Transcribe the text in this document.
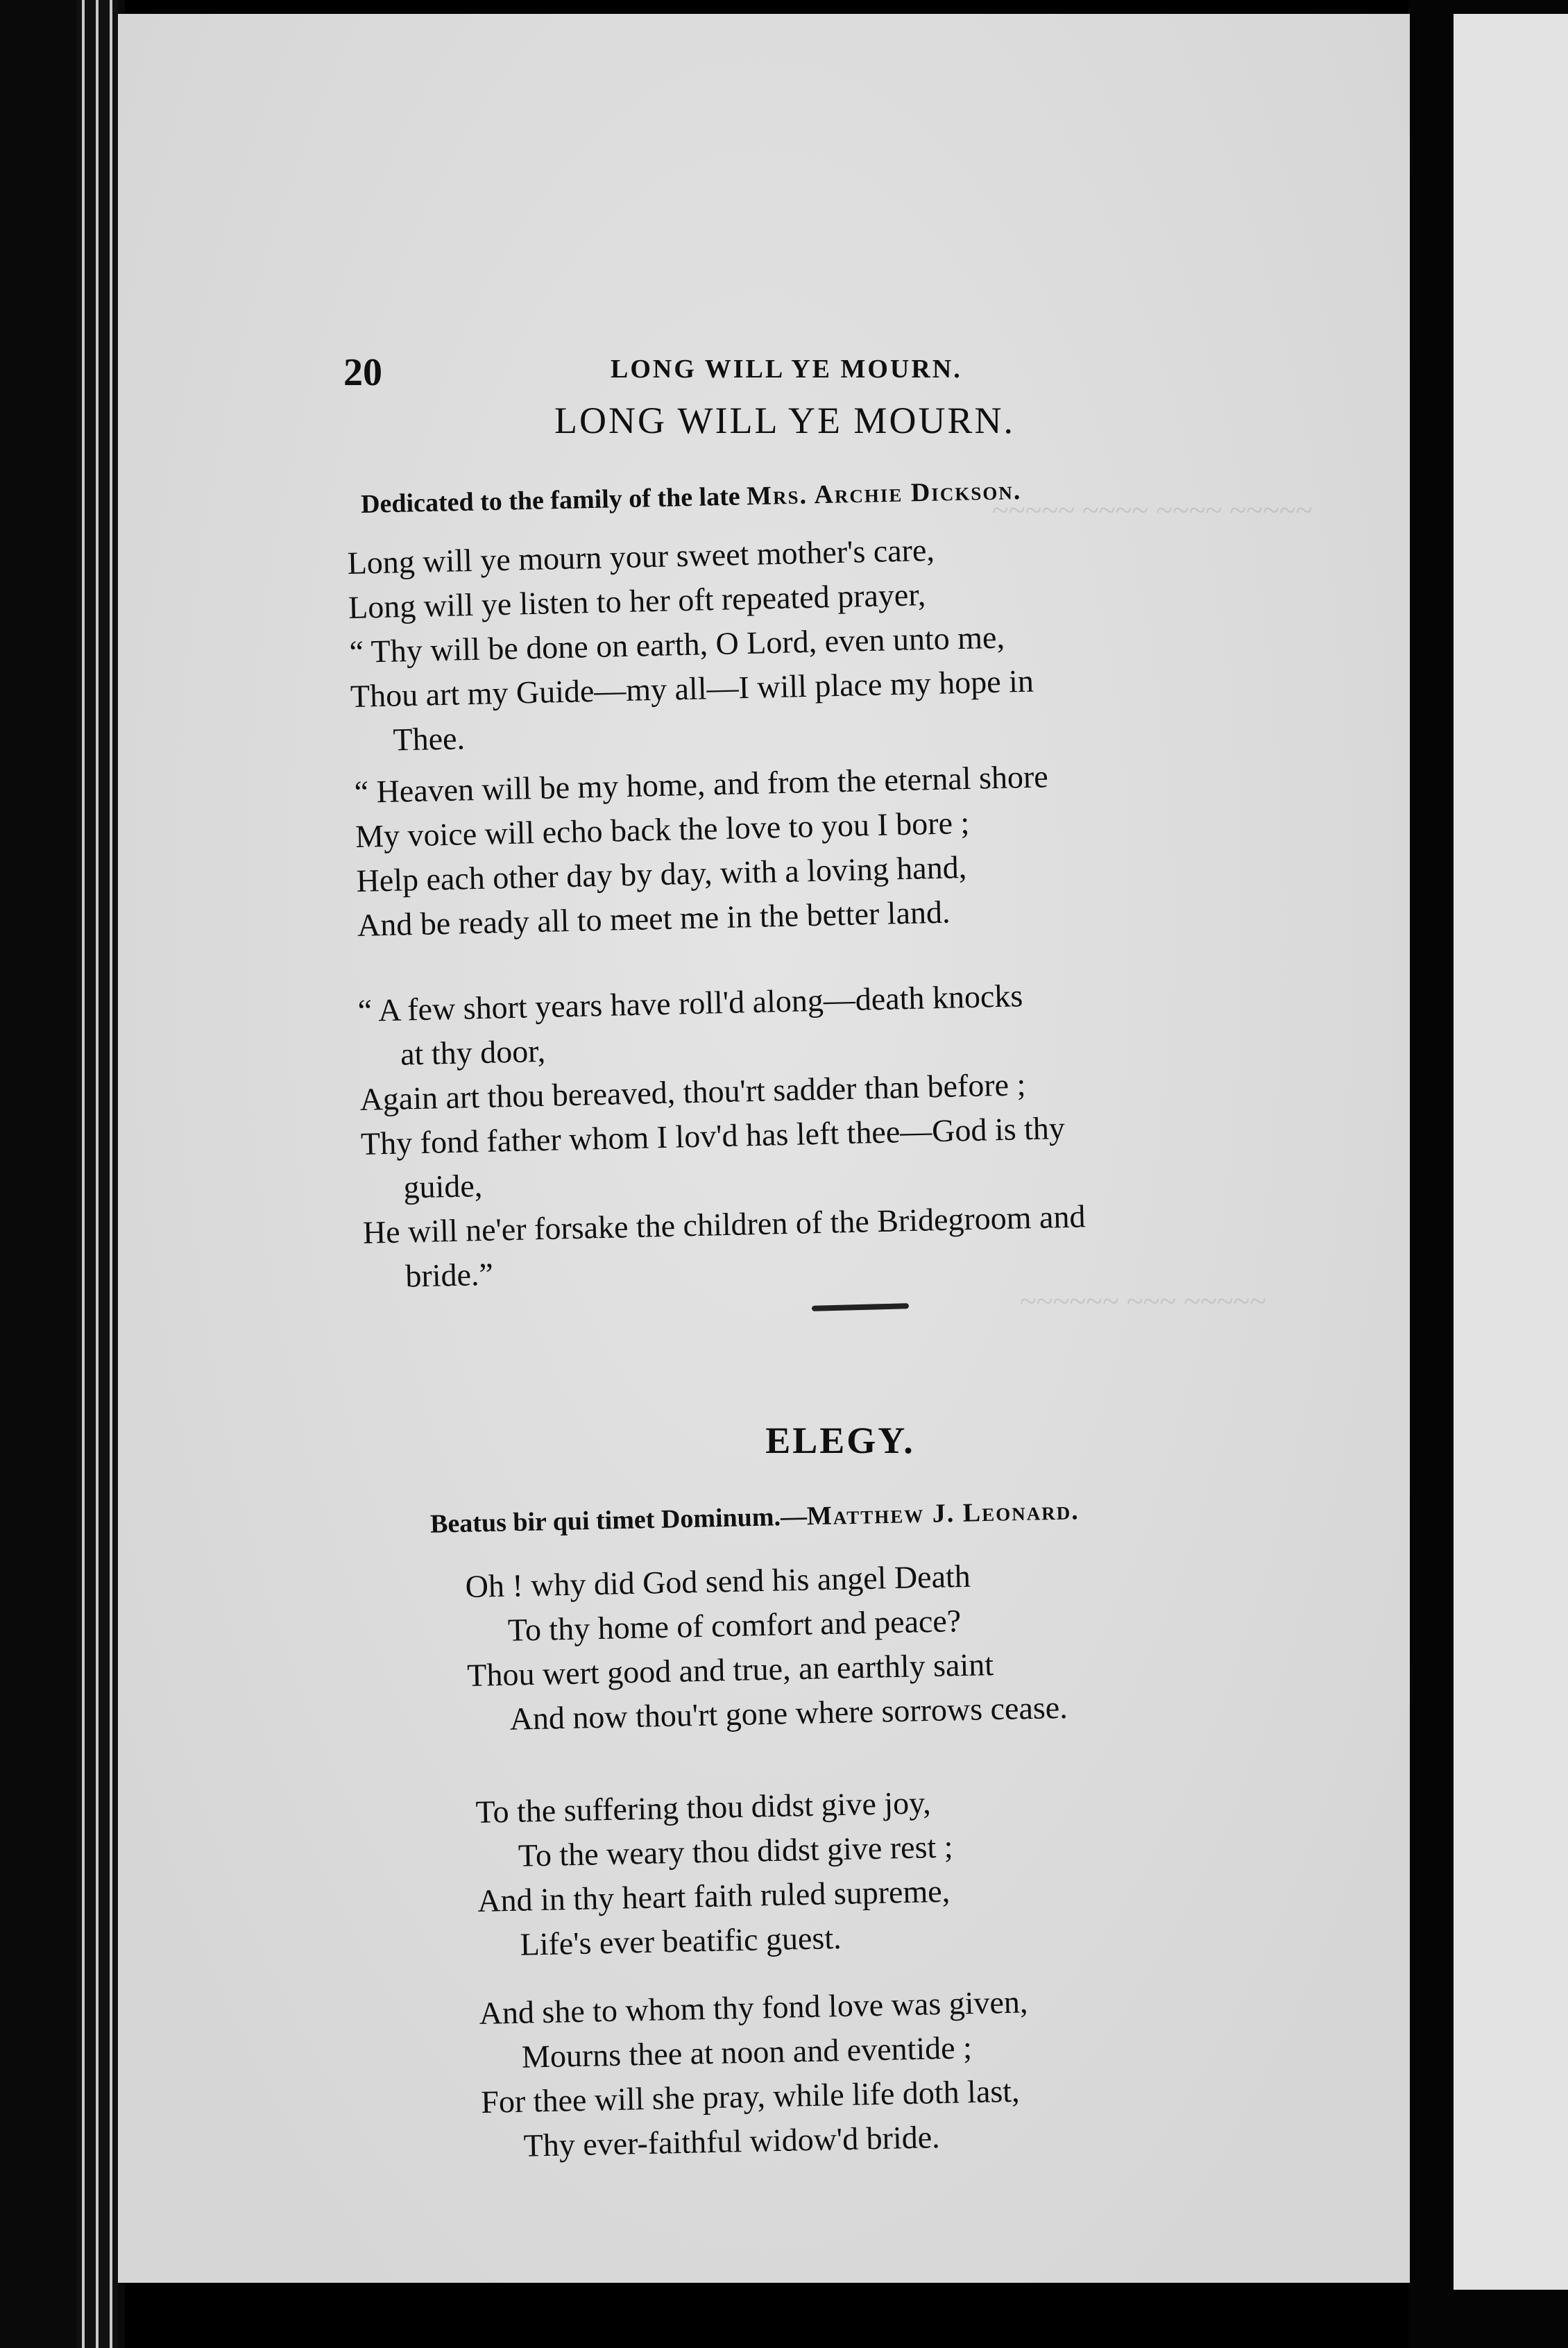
~~~~~ ~~~~ ~~~~ ~~~~~
~~~~~~ ~~~ ~~~~~
20	LONG WILL YE MOURN.
LONG WILL YE MOURN.
Dedicated to the family of the late Mrs. Archie Dickson.
Long will ye mourn your sweet mother's care,
Long will ye listen to her oft repeated prayer,
“ Thy will be done on earth, O Lord, even unto me,
Thou art my Guide—my all—I will place my hope in
Thee.
“ Heaven will be my home, and from the eternal shore
My voice will echo back the love to you I bore ;
Help each other day by day, with a loving hand,
And be ready all to meet me in the better land.
“ A few short years have roll'd along—death knocks
at thy door,
Again art thou bereaved, thou'rt sadder than before ;
Thy fond father whom I lov'd has left thee—God is thy
guide,
He will ne'er forsake the children of the Bridegroom and
bride.”
ELEGY.
Beatus bir qui timet Dominum.—Matthew J. Leonard.
Oh ! why did God send his angel Death
To thy home of comfort and peace?
Thou wert good and true, an earthly saint
And now thou'rt gone where sorrows cease.
To the suffering thou didst give joy,
To the weary thou didst give rest ;
And in thy heart faith ruled supreme,
Life's ever beatific guest.
And she to whom thy fond love was given,
Mourns thee at noon and eventide ;
For thee will she pray, while life doth last,
Thy ever-faithful widow'd bride.
